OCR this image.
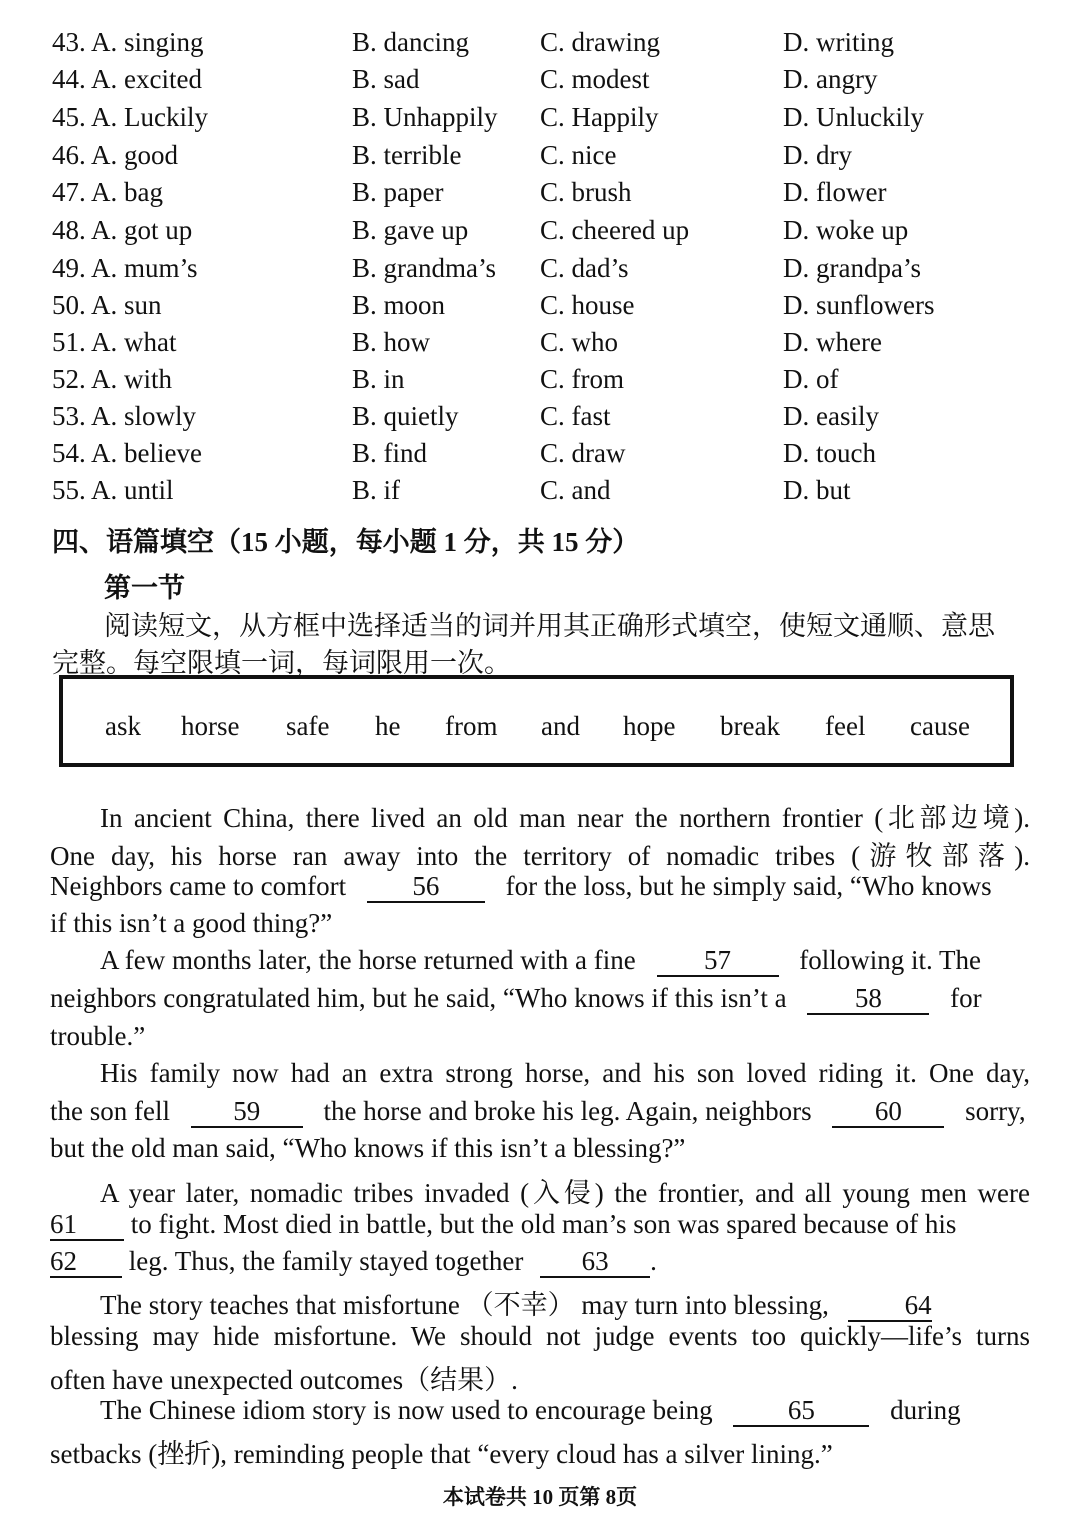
43. A. singing	B. dancing	C. drawing	D. writing
44. A. excited	B. sad	C. modest	D. angry
45. A. Luckily	B. Unhappily C. Happily	D. Unluckily
46. A. good	B. terrible	C. nice	D. dry
47. A. bag	B. paper	C. brush	D. flower
48. A. got up	B. gave up	C. cheered up	D. woke up
49. A. mum’s	B. grandma’s C. dad’s	D. grandpa’s
50. A. sun	B. moon	C. house	D. sunflowers
51. A. what	B. how	C. who	D. where
52. A. with	B. in	C. from	D. of
53. A. slowly	B. quietly	C. fast	D. easily
54. A. believe	B. find	C. draw	D. touch
55. A. until	B. if	C. and	D. but
四、语篇填空（15 小题，每小题 1 分，共 15 分）
第一节
阅读短文，从方框中选择适当的词并用其正确形式填空，使短文通顺、意思
完整。每空限填一词，每词限用一次。
ask horse safe he from and hope break feel cause
In ancient China, there lived an old man near the northern frontier (北部边境).
One day, his horse ran away into the territory of nomadic tribes (游牧部落).
Neighbors came to comfort 56 for the loss, but he simply said, “Who knows
if this isn’t a good thing?”
A few months later, the horse returned with a fine	57	following it. The
neighbors congratulated him, but he said, “Who knows if this isn’t a	58	for
trouble.”
His family now had an extra strong horse, and his son loved riding it. One day,
the son fell 59 the horse and broke his leg. Again, neighbors 60 sorry,
but the old man said, “Who knows if this isn’t a blessing?”
A year later, nomadic tribes invaded (入侵) the frontier, and all young men were
61 to fight. Most died in battle, but the old man’s son was spared because of his
62 leg. Thus, the family stayed together 63 .
The story teaches that misfortune （不幸） may turn into blessing,	64
blessing may hide misfortune. We should not judge events too quickly—life’s turns
often have unexpected outcomes（结果）.
The Chinese idiom story is now used to encourage being	65	during
setbacks (挫折), reminding people that “every cloud has a silver lining.”
本试卷共 10 页第 8页
